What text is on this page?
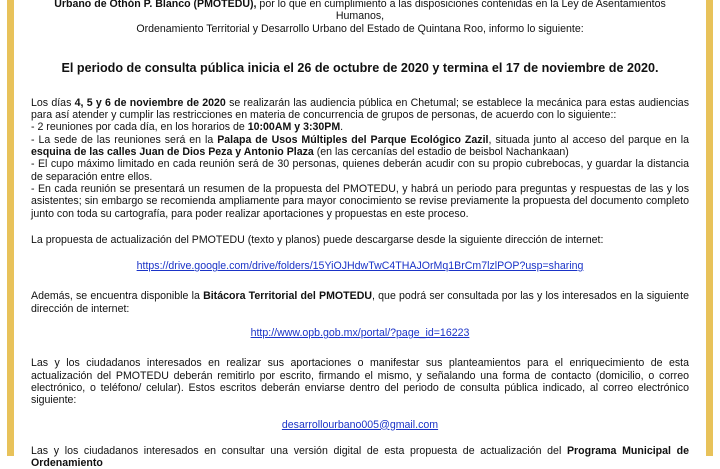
Urbano de Othón P. Blanco (PMOTEDU), por lo que en cumplimiento a las disposiciones contenidas en la Ley de Asentamientos Humanos,
Ordenamiento Territorial y Desarrollo Urbano del Estado de Quintana Roo, informo lo siguiente:

El periodo de consulta pública inicia el 26 de octubre de 2020 y termina el 17 de noviembre de 2020.

Los días 4, 5 y 6 de noviembre de 2020 se realizarán las audiencia pública en Chetumal; se establece la mecánica para estas audiencias para así atender y cumplir las restricciones en materia de concurrencia de grupos de personas, de acuerdo con lo siguiente::

- 2 reuniones por cada día, en los horarios de 10:00AM y 3:30PM.

- La sede de las reuniones será en la Palapa de Usos Múltiples del Parque Ecológico Zazil, situada junto al acceso del parque en la esquina de las calles Juan de Dios Peza y Antonio Plaza (en las cercanías del estadio de beisbol Nachankaan)

- El cupo máximo limitado en cada reunión será de 30 personas, quienes deberán acudir con su propio cubrebocas, y guardar la distancia de separación entre ellos.

- En cada reunión se presentará un resumen de la propuesta del PMOTEDU, y habrá un periodo para preguntas y respuestas de las y los asistentes; sin embargo se recomienda ampliamente para mayor conocimiento se revise previamente la propuesta del documento completo junto con toda su cartografía, para poder realizar aportaciones y propuestas en este proceso.

La propuesta de actualización del PMOTEDU (texto y planos) puede descargarse desde la siguiente dirección de internet:

https://drive.google.com/drive/folders/15YiOJHdwTwC4THAJOrMq1BrCm7lzlPOP?usp=sharing

Además, se encuentra disponible la Bitácora Territorial del PMOTEDU, que podrá ser consultada por las y los interesados en la siguiente dirección de internet:

http://www.opb.gob.mx/portal/?page_id=16223

Las y los ciudadanos interesados en realizar sus aportaciones o manifestar sus planteamientos para el enriquecimiento de esta actualización del PMOTEDU deberán remitirlo por escrito, firmando el mismo, y señalando una forma de contacto (domicilio, o correo electrónico, o teléfono/ celular). Estos escritos deberán enviarse dentro del periodo de consulta pública indicado, al correo electrónico siguiente:

desarrollourbano005@gmail.com

Las y los ciudadanos interesados en consultar una versión digital de esta propuesta de actualización del Programa Municipal de Ordenamiento
